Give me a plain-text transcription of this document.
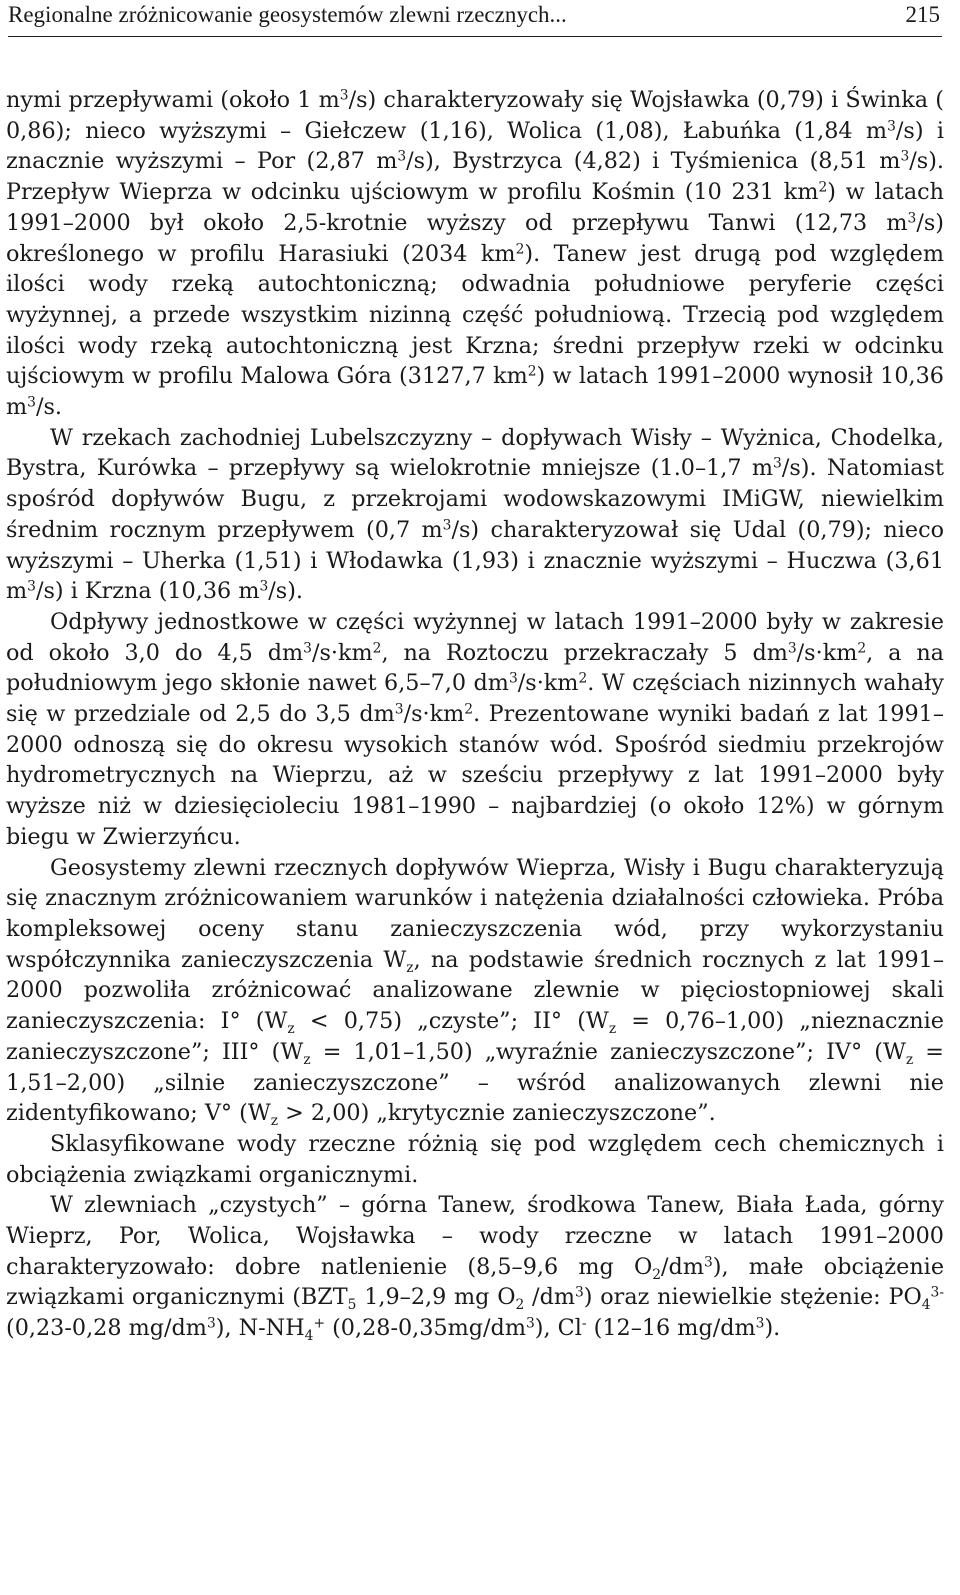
Regionalne zróżnicowanie geosystemów zlewni rzecznych...	215

nymi przepływami (około 1 $m^3/s$) charakteryzowały się Wojsławka (0,79) i Świnka ( 0,86); nieco wyższymi – Giełczew (1,16), Wolica (1,08), Łabuńka (1,84 $m^3/s$) i znacznie wyższymi – Por (2,87 $m^3/s$), Bystrzyca (4,82) i Tyśmienica (8,51 $m^3/s$). Przepływ Wieprza w odcinku ujściowym w profilu Kośmin (10 231 $km^2$) w latach 1991–2000 był około 2,5-krotnie wyższy od przepływu Tanwi (12,73 $m^3/s$) określonego w profilu Harasiuki (2034 $km^2$). Tanew jest drugą pod względem ilości wody rzeką autochtoniczną; odwadnia południowe peryferie części wyżynnej, a przede wszystkim nizinną część południową. Trzecią pod względem ilości wody rzeką autochtoniczną jest Krzna; średni przepływ rzeki w odcinku ujściowym w profilu Malowa Góra (3127,7 $km^2$) w latach 1991–2000 wynosił 10,36 $m^3/s$.

W rzekach zachodniej Lubelszczyzny – dopływach Wisły – Wyżnica, Chodelka, Bystra, Kurówka – przepływy są wielokrotnie mniejsze (1.0–1,7 $m^3/s$). Natomiast spośród dopływów Bugu, z przekrojami wodowskazowymi IMiGW, niewielkim średnim rocznym przepływem (0,7 $m^3/s$) charakteryzował się Udal (0,79); nieco wyższymi – Uherka (1,51) i Włodawka (1,93) i znacznie wyższymi – Huczwa (3,61 $m^3/s$) i Krzna (10,36 $m^3/s$).

Odpływy jednostkowe w części wyżynnej w latach 1991–2000 były w zakresie od około 3,0 do 4,5 $dm^3/s\cdot km^2$, na Roztoczu przekraczały 5 $dm^3/s\cdot km^2$, a na południowym jego skłonie nawet 6,5–7,0 $dm^3/s\cdot km^2$. W częściach nizinnych wahały się w przedziale od 2,5 do 3,5 $dm^3/s\cdot km^2$. Prezentowane wyniki badań z lat 1991–2000 odnoszą się do okresu wysokich stanów wód. Spośród siedmiu przekrojów hydrometrycznych na Wieprzu, aż w sześciu przepływy z lat 1991–2000 były wyższe niż w dziesięcioleciu 1981–1990 – najbardziej (o około 12%) w górnym biegu w Zwierzyńcu.

Geosystemy zlewni rzecznych dopływów Wieprza, Wisły i Bugu charakteryzują się znacznym zróżnicowaniem warunków i natężenia działalności człowieka. Próba kompleksowej oceny stanu zanieczyszczenia wód, przy wykorzystaniu współczynnika zanieczyszczenia $W_z$, na podstawie średnich rocznych z lat 1991–2000 pozwoliła zróżnicować analizowane zlewnie w pięciostopniowej skali zanieczyszczenia: I° $(W_z < 0,75)$ „czyste”; II° $(W_z = 0,76-1,00)$ „nieznacznie zanieczyszczone”; III° $(W_z = 1,01-1,50)$ „wyraźnie zanieczyszczone”; IV° $(W_z = 1,51-2,00)$ „silnie zanieczyszczone” – wśród analizowanych zlewni nie zidentyfikowano; V° $(W_z > 2,00)$ „krytycznie zanieczyszczone”.

Sklasyfikowane wody rzeczne różnią się pod względem cech chemicznych i obciążenia związkami organicznymi.

W zlewniach „czystych” – górna Tanew, środkowa Tanew, Biała Łada, górny Wieprz, Por, Wolica, Wojsławka – wody rzeczne w latach 1991–2000 charakteryzowało: dobre natlenienie (8,5–9,6 mg $O_2/dm^3$), małe obciążenie związkami organicznymi ($BZT_5$ 1,9–2,9 mg $O_2$ $/dm^3$) oraz niewielkie stężenie: $PO_4^{3-}$ (0,23-0,28 $mg/dm^3$), $N-NH_4^+$ $(0,28-0,35mg/dm^3)$, Cl- (12–16 $mg/dm^3$).
